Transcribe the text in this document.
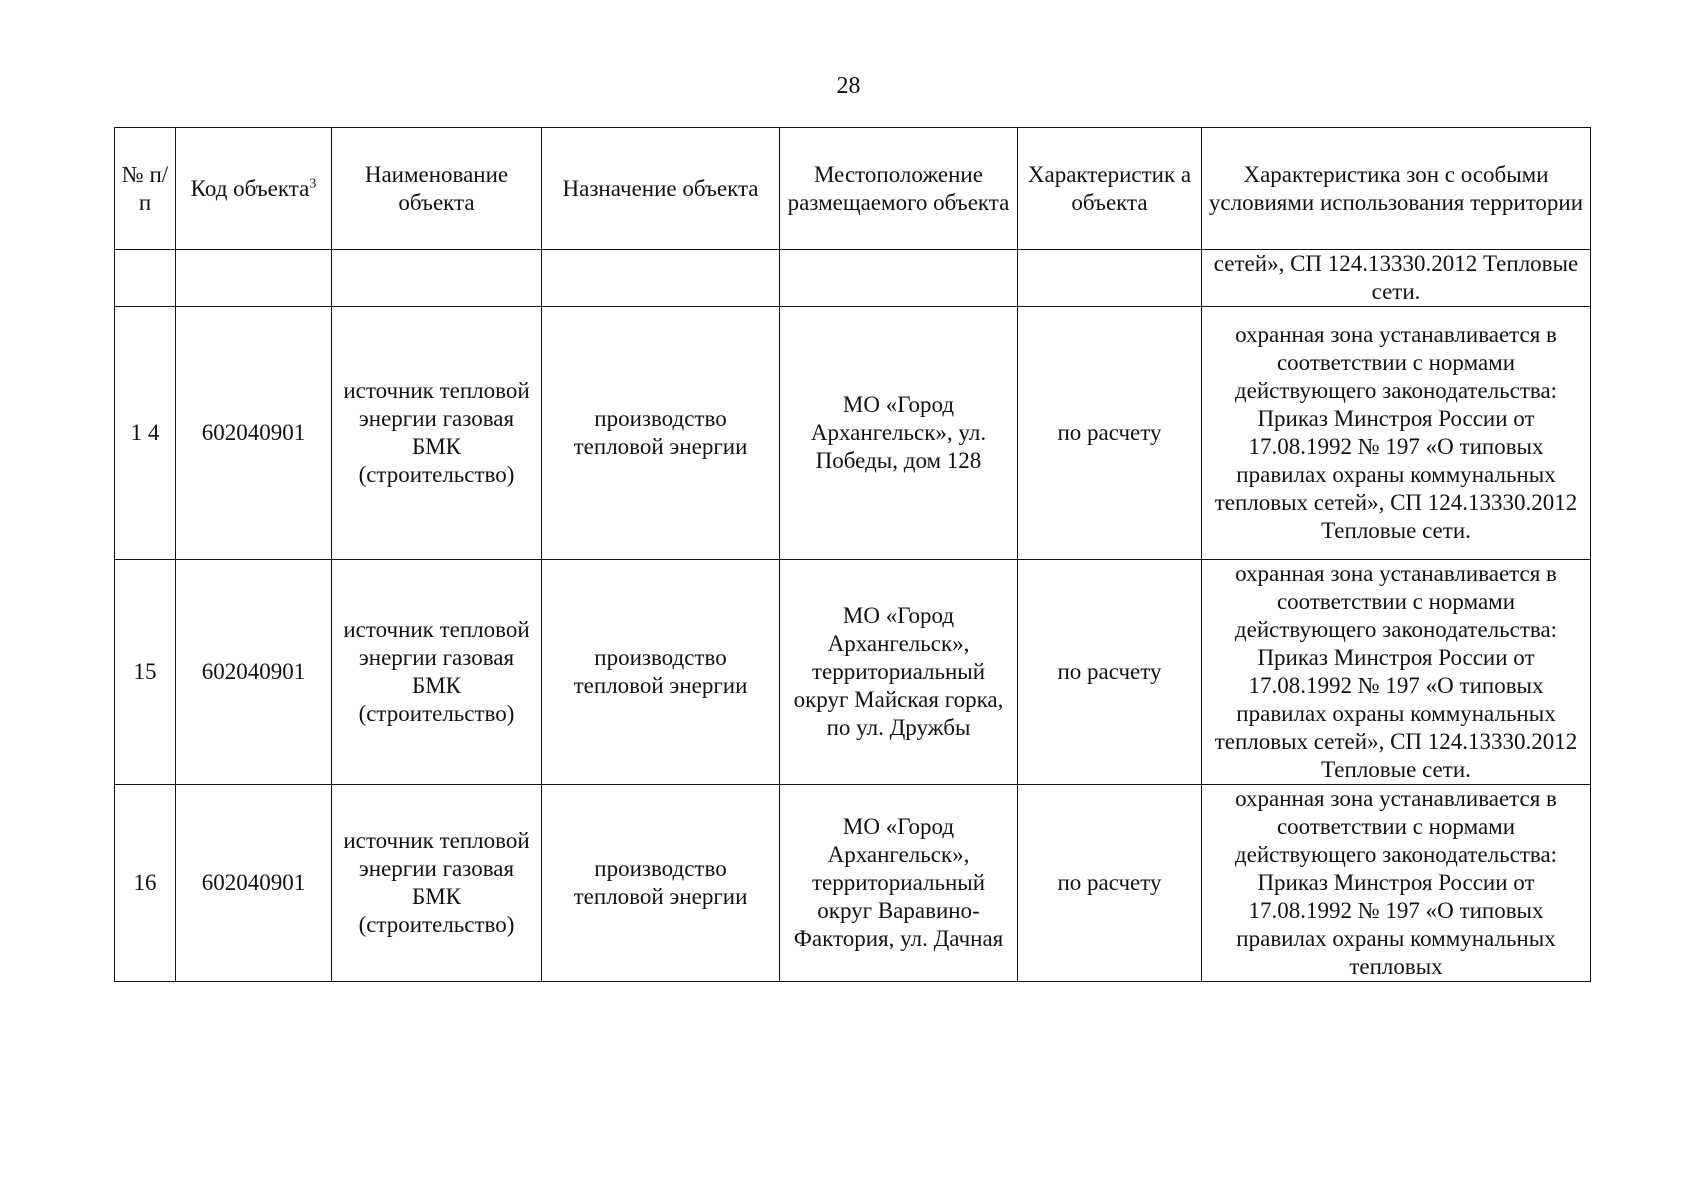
28
№ п/п	Код объекта$^3$	Наименование объекта	Назначение объекта	Местоположение размещаемого объекта	Характеристик а объекта	Характеристика зон с особыми условиями использования территории
						сетей», СП 124.13330.2012 Тепловые сети.
1 4	602040901	источник тепловой энергии газовая БМК (строительство)	производство тепловой энергии	МО «Город Архангельск», ул. Победы, дом 128	по расчету	охранная зона устанавливается в соответствии с нормами действующего законодательства: Приказ Минстроя России от 17.08.1992 № 197 «О типовых правилах охраны коммунальных тепловых сетей», СП 124.13330.2012 Тепловые сети.
15	602040901	источник тепловой энергии газовая БМК (строительство)	производство тепловой энергии	МО «Город Архангельск», территориальный округ Майская горка, по ул. Дружбы	по расчету	охранная зона устанавливается в соответствии с нормами действующего законодательства: Приказ Минстроя России от 17.08.1992 № 197 «О типовых правилах охраны коммунальных тепловых сетей», СП 124.13330.2012 Тепловые сети.
16	602040901	источник тепловой энергии газовая БМК (строительство)	производство тепловой энергии	МО «Город Архангельск», территориальный округ Варавино-Фактория, ул. Дачная	по расчету	охранная зона устанавливается в соответствии с нормами действующего законодательства: Приказ Минстроя России от 17.08.1992 № 197 «О типовых правилах охраны коммунальных тепловых
